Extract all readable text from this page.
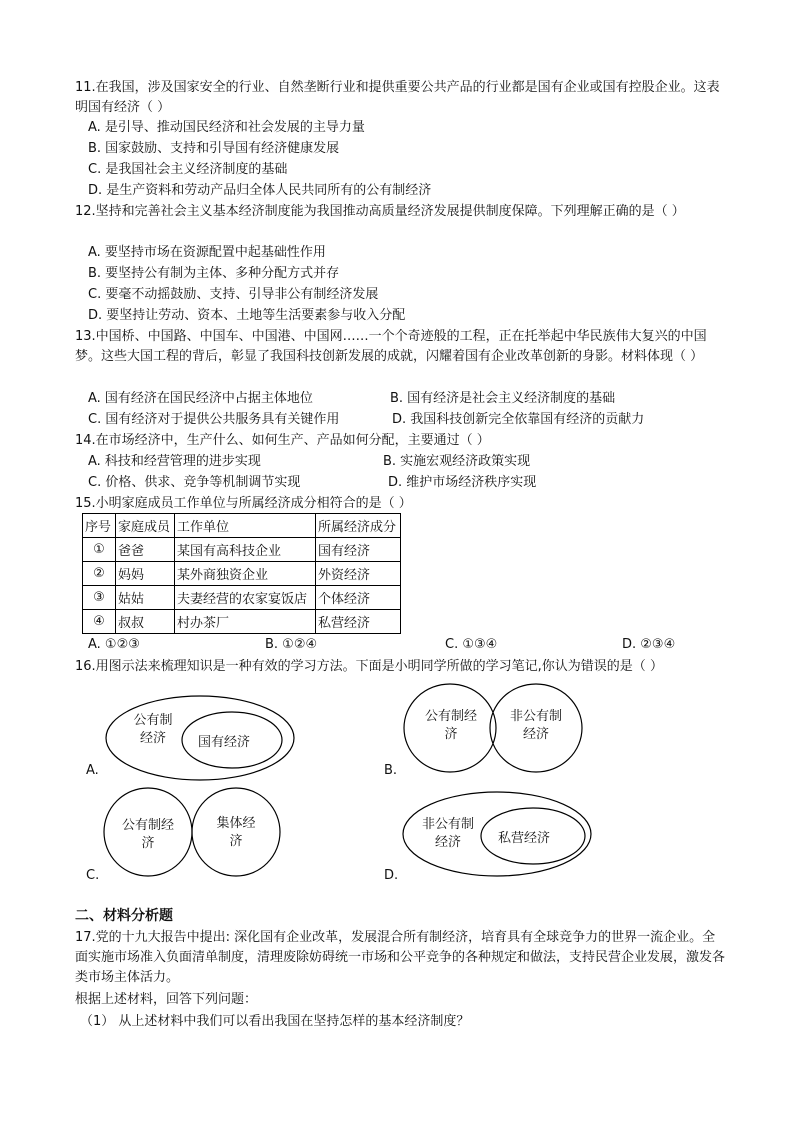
11.在我国，涉及国家安全的行业、自然垄断行业和提供重要公共产品的行业都是国有企业或国有控股企业。这表明国有经济（ ）
A. 是引导、推动国民经济和社会发展的主导力量
B. 国家鼓励、支持和引导国有经济健康发展
C. 是我国社会主义经济制度的基础
D. 是生产资料和劳动产品归全体人民共同所有的公有制经济
12.坚持和完善社会主义基本经济制度能为我国推动高质量经济发展提供制度保障。下列理解正确的是（ ）
A. 要坚持市场在资源配置中起基础性作用
B. 要坚持公有制为主体、多种分配方式并存
C. 要毫不动摇鼓励、支持、引导非公有制经济发展
D. 要坚持让劳动、资本、土地等生活要素参与收入分配
13.中国桥、中国路、中国车、中国港、中国网……一个个奇迹般的工程，正在托举起中华民族伟大复兴的中国梦。这些大国工程的背后，彰显了我国科技创新发展的成就，闪耀着国有企业改革创新的身影。材料体现（ ）
A. 国有经济在国民经济中占据主体地位	B. 国有经济是社会主义经济制度的基础
C. 国有经济对于提供公共服务具有关键作用	D. 我国科技创新完全依靠国有经济的贡献力
14.在市场经济中，生产什么、如何生产、产品如何分配，主要通过（ ）
A. 科技和经营管理的进步实现	B. 实施宏观经济政策实现
C. 价格、供求、竞争等机制调节实现	D. 维护市场经济秩序实现
15.小明家庭成员工作单位与所属经济成分相符合的是（ ）
序号	家庭成员	工作单位	所属经济成分
①	爸爸	某国有高科技企业	国有经济
②	妈妈	某外商独资企业	外资经济
③	姑姑	夫妻经营的农家宴饭店	个体经济
④	叔叔	村办茶厂	私营经济
A. ①②③	B. ①②④	C. ①③④	D. ②③④
16.用图示法来梳理知识是一种有效的学习方法。下面是小明同学所做的学习笔记,你认为错误的是（ ）
公有制经济	国有经济
A.
公有制经济
非公有制经济
B.
公有制经济
集体经济
C.
非公有制经济	私营经济
D.
二、材料分析题
17.党的十九大报告中提出: 深化国有企业改革，发展混合所有制经济，培育具有全球竞争力的世界一流企业。全面实施市场准入负面清单制度，清理废除妨碍统一市场和公平竞争的各种规定和做法，支持民营企业发展，激发各类市场主体活力。
根据上述材料，回答下列问题：
（1） 从上述材料中我们可以看出我国在坚持怎样的基本经济制度？
